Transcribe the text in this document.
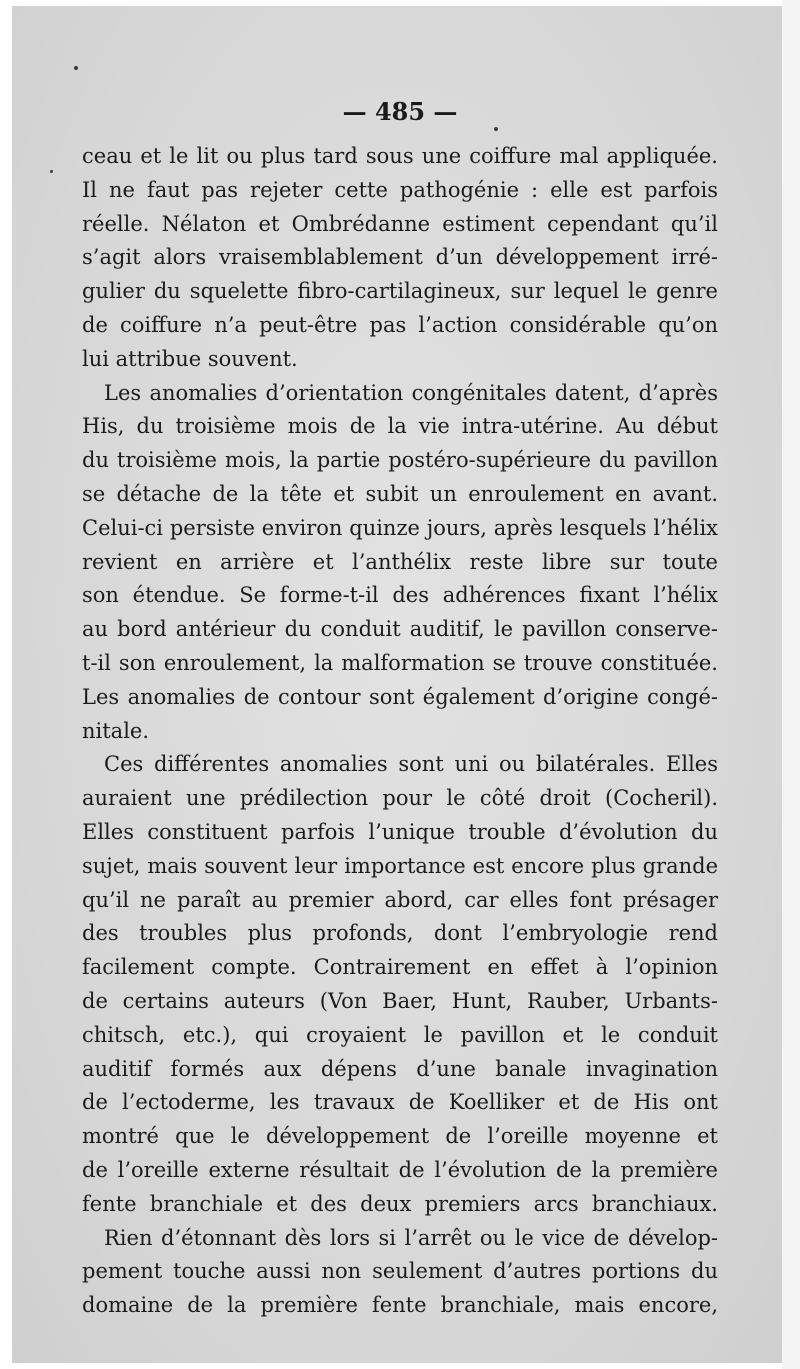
— 485 —
ceau et le lit ou plus tard sous une coiffure mal appliquée.
Il ne faut pas rejeter cette pathogénie : elle est parfois
réelle. Nélaton et Ombrédanne estiment cependant qu’il
s’agit alors vraisemblablement d’un développement irré-
gulier du squelette fibro-cartilagineux, sur lequel le genre
de coiffure n’a peut-être pas l’action considérable qu’on
lui attribue souvent.
Les anomalies d’orientation congénitales datent, d’après
His, du troisième mois de la vie intra-utérine. Au début
du troisième mois, la partie postéro-supérieure du pavillon
se détache de la tête et subit un enroulement en avant.
Celui-ci persiste environ quinze jours, après lesquels l’hélix
revient en arrière et l’anthélix reste libre sur toute
son étendue. Se forme-t-il des adhérences fixant l’hélix
au bord antérieur du conduit auditif, le pavillon conserve-
t-il son enroulement, la malformation se trouve constituée.
Les anomalies de contour sont également d’origine congé-
nitale.
Ces différentes anomalies sont uni ou bilatérales. Elles
auraient une prédilection pour le côté droit (Cocheril).
Elles constituent parfois l’unique trouble d’évolution du
sujet, mais souvent leur importance est encore plus grande
qu’il ne paraît au premier abord, car elles font présager
des troubles plus profonds, dont l’embryologie rend
facilement compte. Contrairement en effet à l’opinion
de certains auteurs (Von Baer, Hunt, Rauber, Urbants-
chitsch, etc.), qui croyaient le pavillon et le conduit
auditif formés aux dépens d’une banale invagination
de l’ectoderme, les travaux de Koelliker et de His ont
montré que le développement de l’oreille moyenne et
de l’oreille externe résultait de l’évolution de la première
fente branchiale et des deux premiers arcs branchiaux.
Rien d’étonnant dès lors si l’arrêt ou le vice de dévelop-
pement touche aussi non seulement d’autres portions du
domaine de la première fente branchiale, mais encore,
